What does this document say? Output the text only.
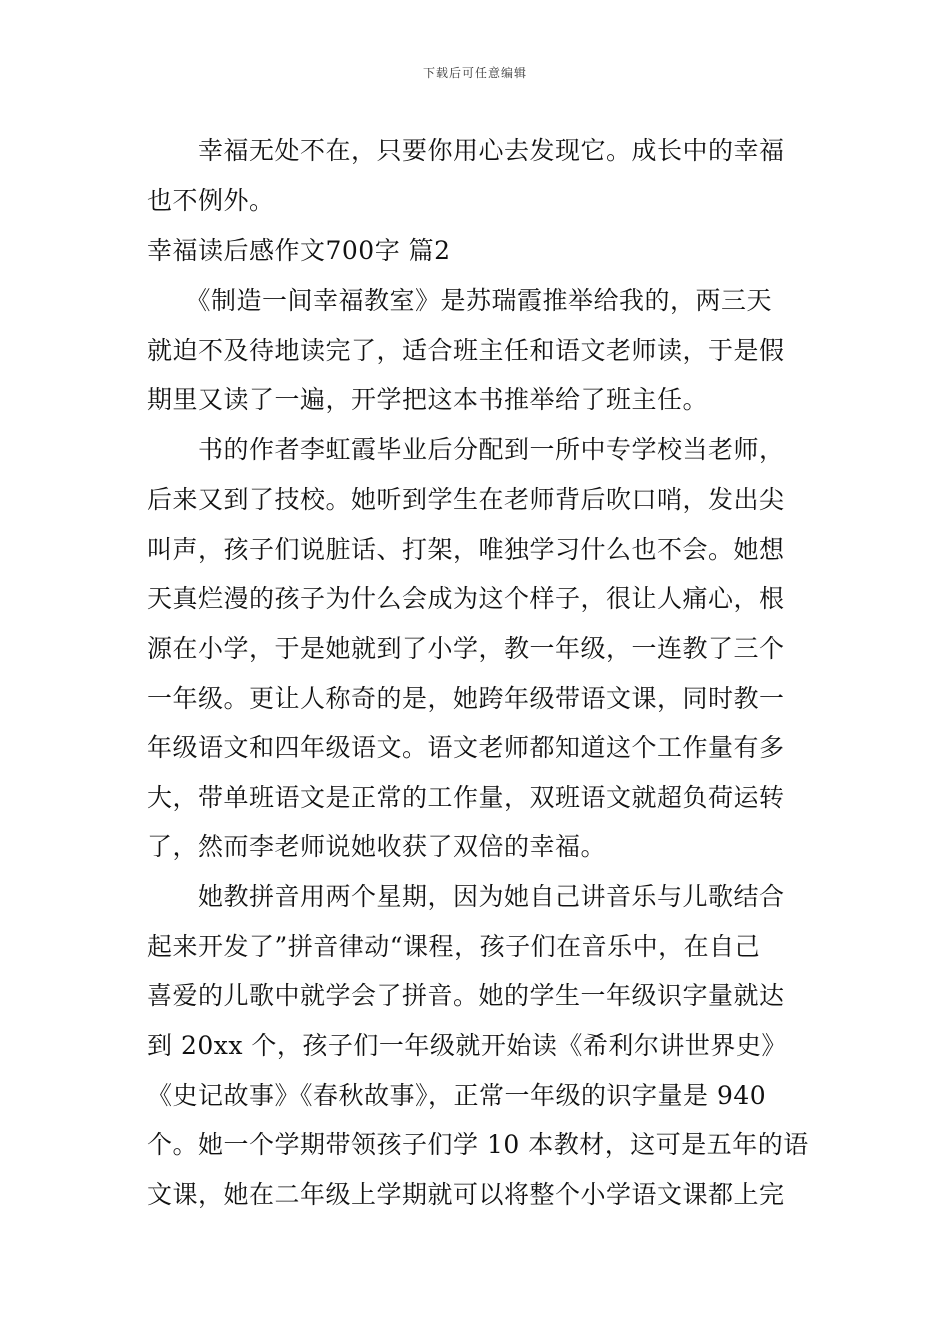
下载后可任意编辑
　　幸福无处不在，只要你用心去发现它。成长中的幸福
也不例外。
幸福读后感作文700字 篇2
　　《制造一间幸福教室》是苏瑞霞推举给我的，两三天
就迫不及待地读完了，适合班主任和语文老师读，于是假
期里又读了一遍，开学把这本书推举给了班主任。
　　书的作者李虹霞毕业后分配到一所中专学校当老师，
后来又到了技校。她听到学生在老师背后吹口哨，发出尖
叫声，孩子们说脏话、打架，唯独学习什么也不会。她想
天真烂漫的孩子为什么会成为这个样子，很让人痛心，根
源在小学，于是她就到了小学，教一年级，一连教了三个
一年级。更让人称奇的是，她跨年级带语文课，同时教一
年级语文和四年级语文。语文老师都知道这个工作量有多
大，带单班语文是正常的工作量，双班语文就超负荷运转
了，然而李老师说她收获了双倍的幸福。
　　她教拼音用两个星期，因为她自己讲音乐与儿歌结合
起来开发了”拼音律动“课程，孩子们在音乐中，在自己
喜爱的儿歌中就学会了拼音。她的学生一年级识字量就达
到 20xx 个，孩子们一年级就开始读《希利尔讲世界史》
《史记故事》《春秋故事》，正常一年级的识字量是 940
个。她一个学期带领孩子们学 10 本教材，这可是五年的语
文课，她在二年级上学期就可以将整个小学语文课都上完
